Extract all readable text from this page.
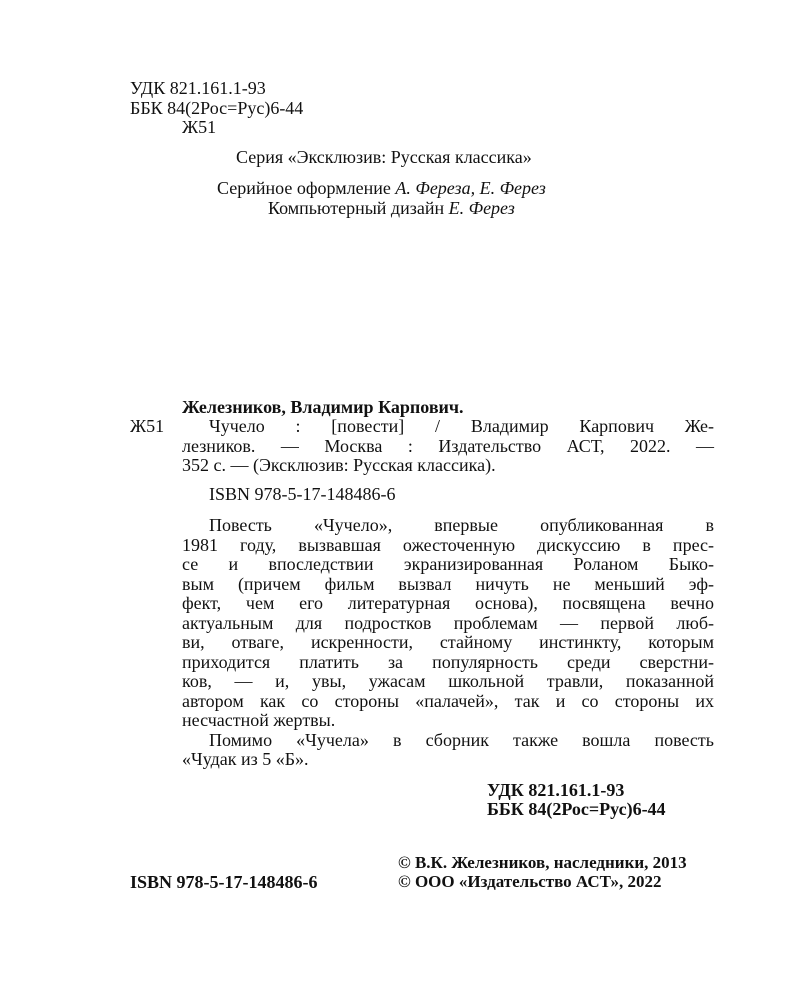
УДК 821.161.1-93
ББК 84(2Рос=Рус)6-44
Ж51
Серия «Эксклюзив: Русская классика»
Серийное оформление А. Фереза, Е. Ферез
Компьютерный дизайн Е. Ферез
Железников, Владимир Карпович.
Ж51 Чучело : [повести] / Владимир Карпович Же-
лезников. — Москва : Издательство АСТ, 2022. —
352 с. — (Эксклюзив: Русская классика).
ISBN 978-5-17-148486-6
Повесть «Чучело», впервые опубликованная в
1981 году, вызвавшая ожесточенную дискуссию в прес-
се и впоследствии экранизированная Роланом Быко-
вым (причем фильм вызвал ничуть не меньший эф-
фект, чем его литературная основа), посвящена вечно
актуальным для подростков проблемам — первой люб-
ви, отваге, искренности, стайному инстинкту, которым
приходится платить за популярность среди сверстни-
ков, — и, увы, ужасам школьной травли, показанной
автором как со стороны «палачей», так и со стороны их
несчастной жертвы.
Помимо «Чучела» в сборник также вошла повесть
«Чудак из 5 «Б».
УДК 821.161.1-93
ББК 84(2Рос=Рус)6-44
© В.К. Железников, наследники, 2013
ISBN 978-5-17-148486-6	© ООО «Издательство АСТ», 2022
